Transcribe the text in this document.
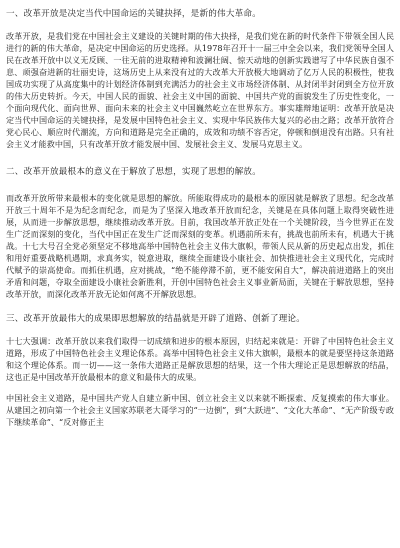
一、改革开放是决定当代中国命运的关键抉择，是新的伟大革命。

改革开放，是我们党在中国社会主义建设的关键时期的伟大抉择，是我们党在新的时代条件下带领全国人民进行的新的伟大革命，是决定中国命运的历史选择。从1978年召开十一届三中全会以来，我们党领导全国人民在改革开放中以义无反顾、一往无前的进取精神和波澜壮阔、惊天动地的创新实践谱写了中华民族自强不息、顽强奋进新的壮丽史诗，这场历史上从来没有过的大改革大开放极大地调动了亿万人民的积极性，使我国成功实现了从高度集中的计划经济体制到充满活力的社会主义市场经济体制、从封闭半封闭到全方位开放的伟大历史转折。今天，中国人民的面貌、社会主义中国的面貌、中国共产党的面貌发生了历史性变化，一个面向现代化、面向世界、面向未来的社会主义中国巍然屹立在世界东方。事实雄辩地证明：改革开放是决定当代中国命运的关键抉择，是发展中国特色社会主义、实现中华民族伟大复兴的必由之路；改革开放符合党心民心、顺应时代潮流，方向和道路是完全正确的，成效和功绩不容否定，停顿和倒退没有出路。只有社会主义才能救中国，只有改革开放才能发展中国、发展社会主义、发展马克思主义。

二、改革开放最根本的意义在于解放了思想，实现了思想的解放。

而改革开放所带来最根本的变化就是思想的解放。所能取得成功的最根本的原因就是解放了思想。纪念改革开放三十周年不是为纪念而纪念，而是为了坚深入地改革开放而纪念，关键是在具体问题上取得突破性进展，从而进一步解放思想，继续推动改革开放。目前，我国改革开放正处在一个关键阶段，当今世界正在发生广泛而深刻的变化，当代中国正在发生广泛而深刻的变革。机遇前所未有，挑战也前所未有，机遇大于挑战。十七大号召全党必须坚定不移地高举中国特色社会主义伟大旗帜，带领人民从新的历史起点出发，抓住和用好重要战略机遇期，求真务实，锐意进取，继续全面建设小康社会、加快推进社会主义现代化，完成时代赋予的崇高使命。而抓住机遇，应对挑战，“绝不能停滞不前，更不能安闲自大”，解决前进道路上的突出矛盾和问题，夺取全面建设小康社会新胜利，开创中国特色社会主义事业新局面，关键在于解放思想，坚持改革开放，而深化改革开放无论如何离不开解放思想。

三、改革开放最伟大的成果即思想解放的结晶就是开辟了道路、创新了理论。

十七大强调：改革开放以来我们取得一切成绩和进步的根本原因，归结起来就是：开辟了中国特色社会主义道路，形成了中国特色社会主义理论体系。高举中国特色社会主义伟大旗帜，最根本的就是要坚持这条道路和这个理论体系。而一切——这一条伟大道路正是解放思想的结果，这一个伟大理论正是思想解放的结晶，这也正是中国改革开放最根本的意义和最伟大的成果。

中国社会主义道路，是中国共产党人自建立新中国、创立社会主义以来就不断探索、反复摸索的伟大事业。从建国之初向第一个社会主义国家苏联老大哥学习的“一边倒”，到“大跃进”、“文化大革命”、“无产阶级专政下继续革命”、“反对修正主
